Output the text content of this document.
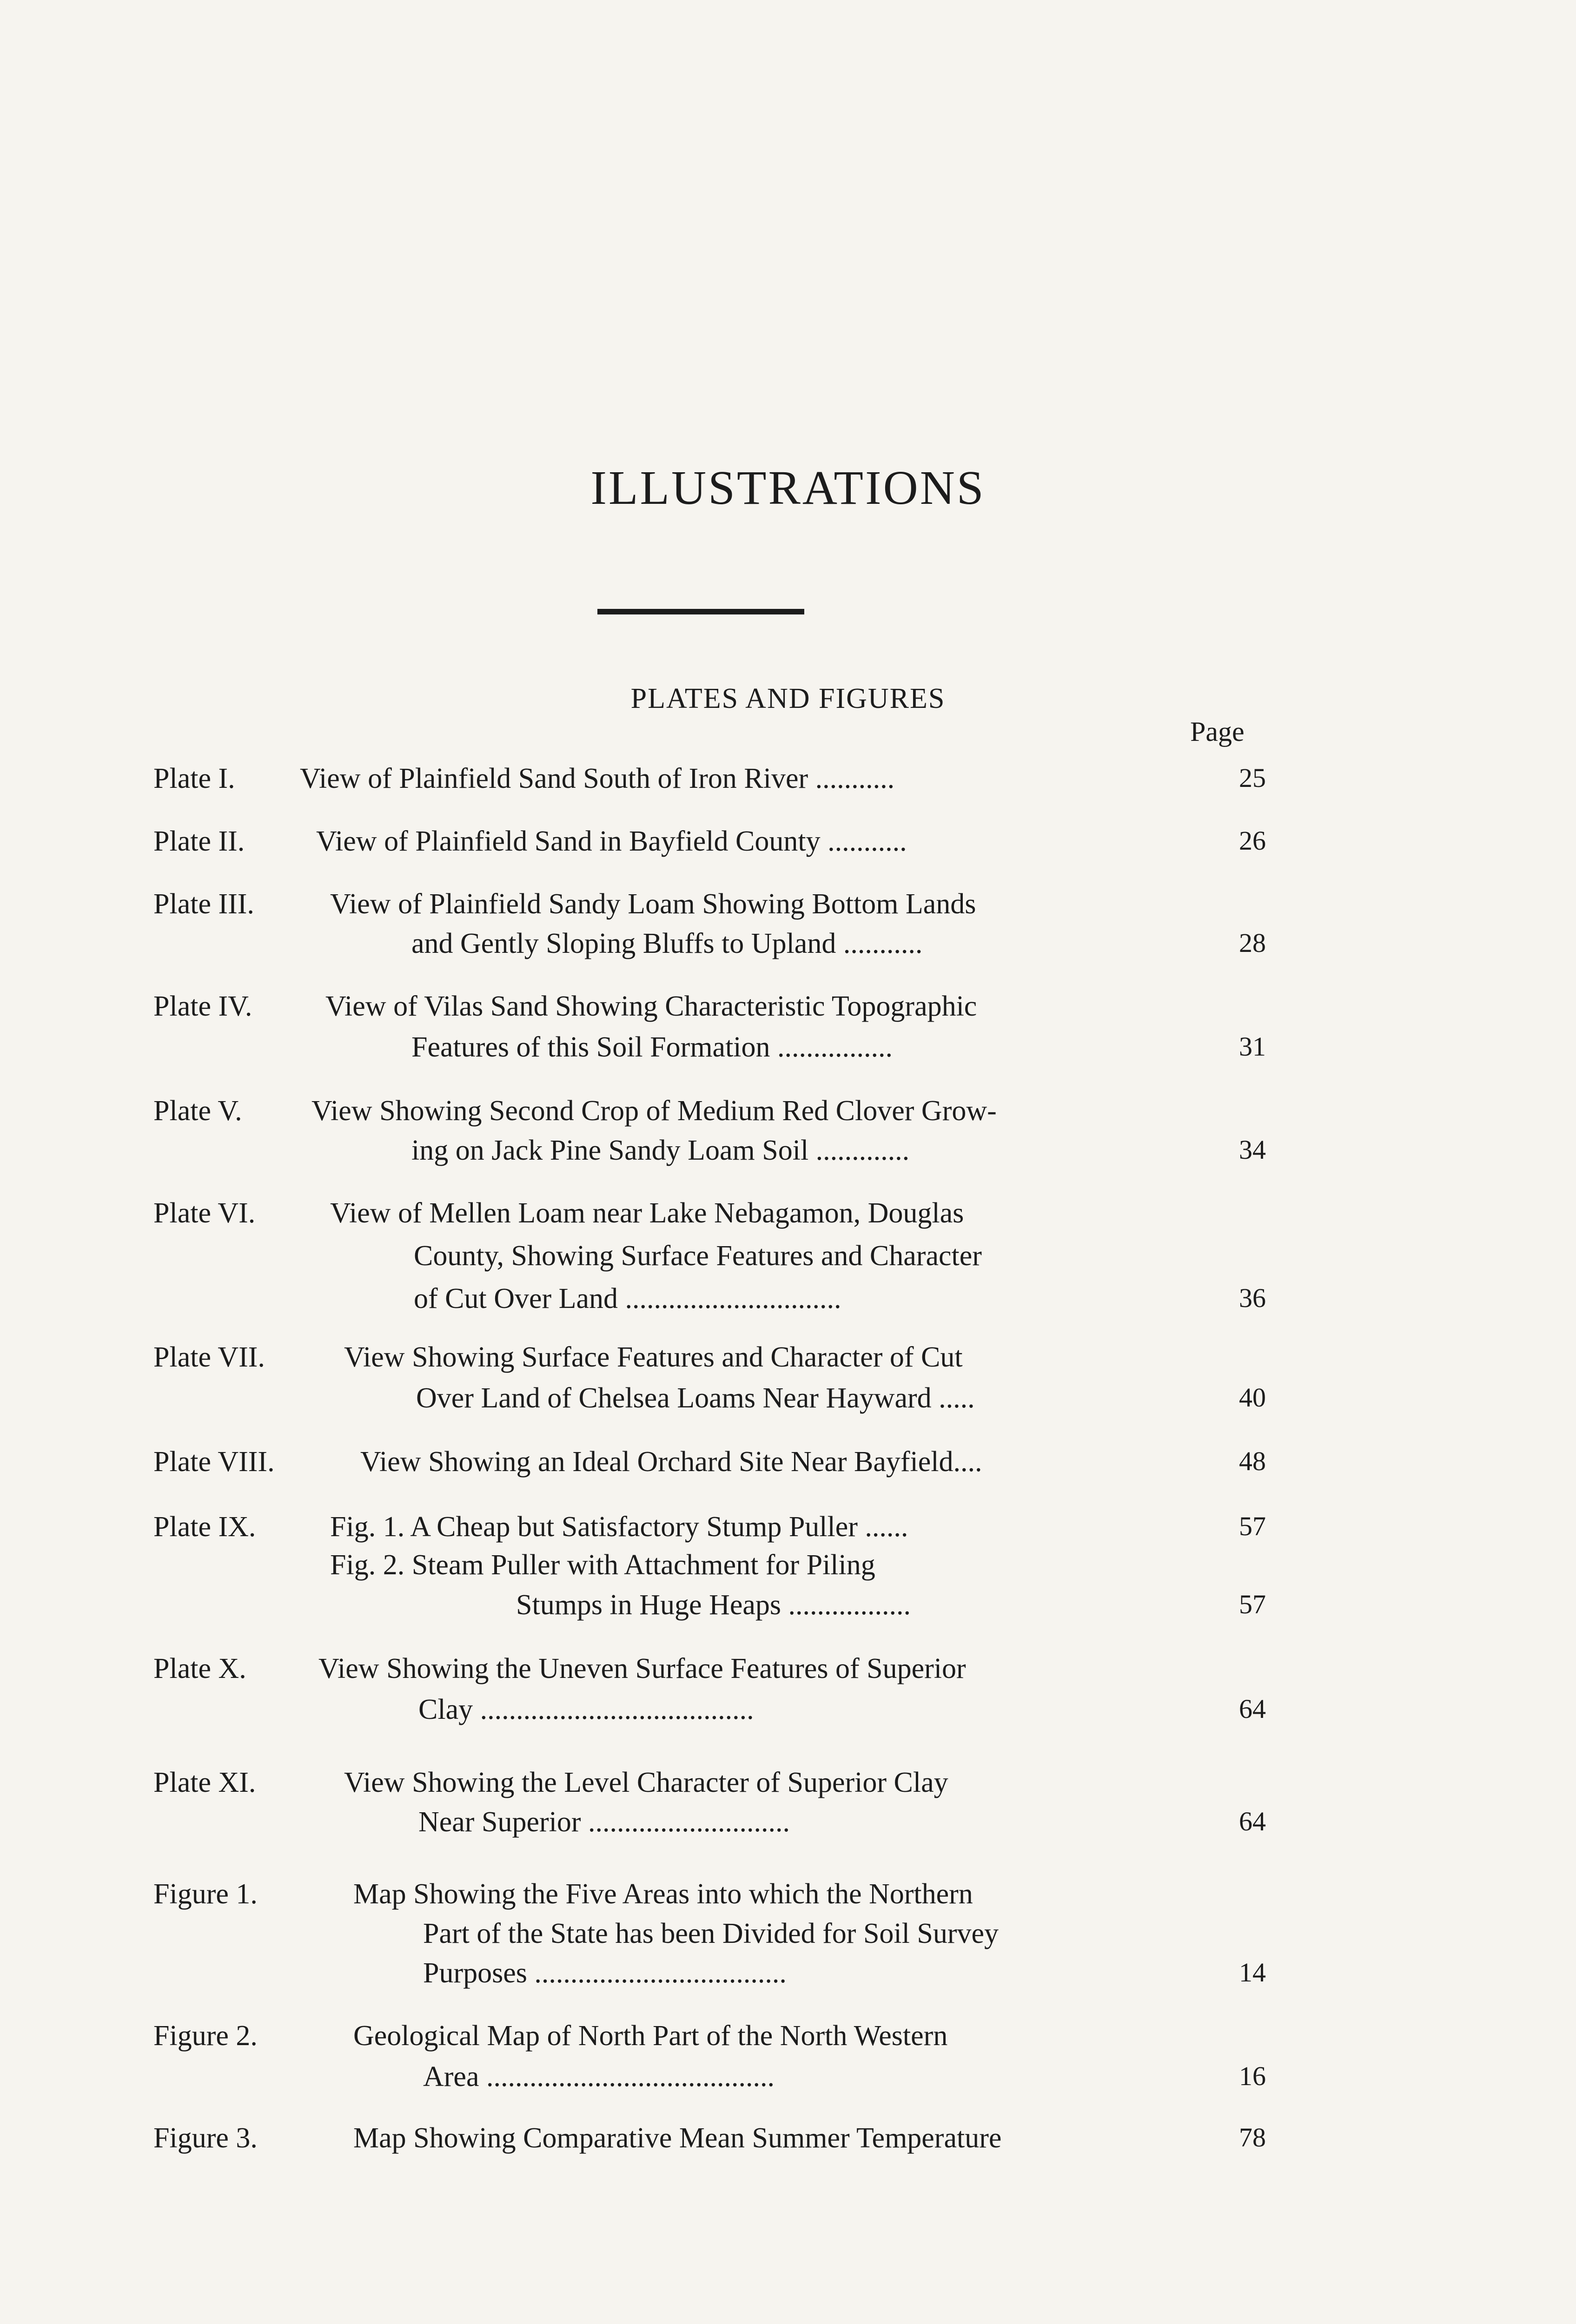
ILLUSTRATIONS
PLATES AND FIGURES
Page
Plate I. View of Plainfield Sand South of Iron River ...........	25
Plate II. View of Plainfield Sand in Bayfield County ...........	26
Plate III.	View of Plainfield Sandy Loam Showing Bottom Lands
and Gently Sloping Bluffs to Upland ...........	28
Plate IV.	View of Vilas Sand Showing Characteristic Topographic
Features of this Soil Formation ................	31
Plate V. View Showing Second Crop of Medium Red Clover Grow-
ing on Jack Pine Sandy Loam Soil .............	34
Plate VI.	View of Mellen Loam near Lake Nebagamon, Douglas
County, Showing Surface Features and Character
of Cut Over Land ..............................	36
Plate VII.	View Showing Surface Features and Character of Cut
Over Land of Chelsea Loams Near Hayward .....	40
Plate VIII.	View Showing an Ideal Orchard Site Near Bayfield....	48
Plate IX.	Fig. 1. A Cheap but Satisfactory Stump Puller ......	57
Fig. 2. Steam Puller with Attachment for Piling
Stumps in Huge Heaps .................	57
Plate X.	View Showing the Uneven Surface Features of Superior
Clay ......................................	64
Plate XI.	View Showing the Level Character of Superior Clay
Near Superior ............................	64
Figure 1.	Map Showing the Five Areas into which the Northern
Part of the State has been Divided for Soil Survey
Purposes ...................................	14
Figure 2.	Geological Map of North Part of the North Western
Area ........................................	16
Figure 3.	Map Showing Comparative Mean Summer Temperature	78
